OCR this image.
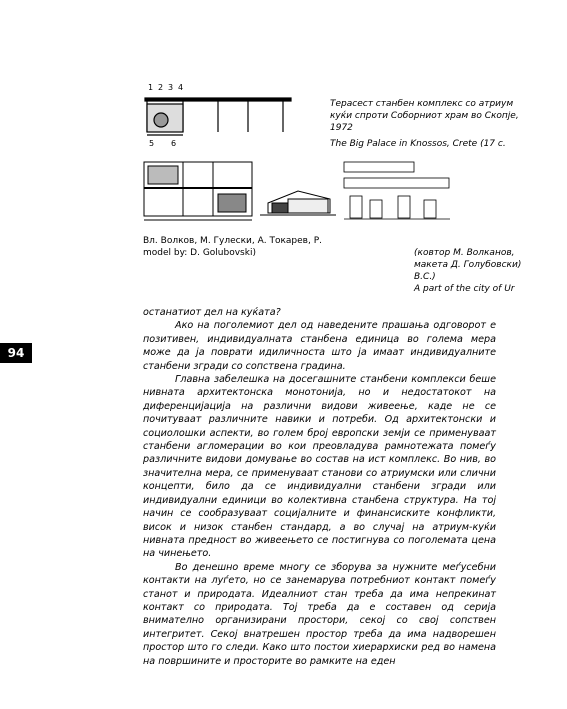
1 2 3 4
5 6
Терасест станбен комплекс со атриум куќи спроти Соборниот храм во Скопје, 1972
The Big Palace in Knossos, Crete (17 c.
Вл. Волков, М. Гулески, А. Токарев, Р.
model by: D. Golubovski)	(кoвтор М. Волканов, макета Д. Голубовски) B.C.)
A part of the city of Ur
94

останатиот дел на куќата?

Ако на поголемиот дел од наведените прашања одговорот е позитивен, индивидуалната станбена единица во голема мера може да ја поврати идиличноста што ја имаат индивидуалните станбени згради со сопствена градина.

Главна забелешка на досегашните станбени комплекси беше нивната архитектонска монотонија, но и недостатокот на диференцијација на различни видови живеење, каде не се почитуваат различните навики и потреби. Од архитектонски и социолошки аспекти, во голем број европски земји се применуваат станбени агломерации во кои преовладува рамнотежата помеѓу различните видови домување во состав на ист комплекс. Во нив, во значителна мера, се применуваат станови со атриумски или слични концепти, било да се индивидуални станбени згради или индивидуални единици во колективна станбена структура. На тој начин се сообразуваат социјалните и финансиските конфликти, висок и низок станбен стандард, а во случај на атриум-куќи нивната предност во живеењето се постигнува со поголемата цена на чинењето.

Во денешно време многу се зборува за нужните меѓусебни контакти на луѓето, но се занемарува потребниот контакт помеѓу станот и природата. Идеалниот стан треба да има непрекинат контакт со природата. Тој треба да е составен од серија внимателно организирани простори, секој со свој сопствен интегритет. Секој внатрешен простор треба да има надворешен простор што го следи. Како што постои хиерархиски ред во намена на површините и просторите во рамките на еден
